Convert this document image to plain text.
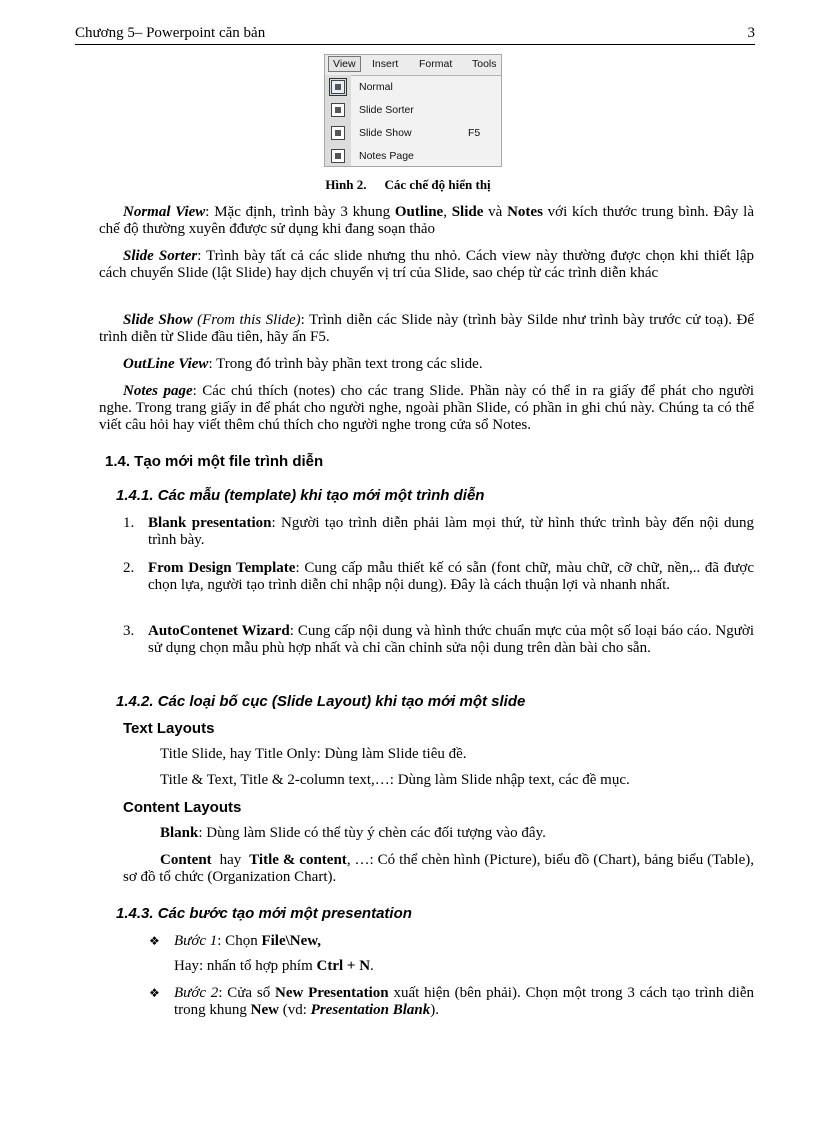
Chương 5– Powerpoint căn bản	3
View	Insert Format Tools
Normal
Slide Sorter
Slide Show	F5
Notes Page
Hình 2. Các chế độ hiển thị
Normal View: Mặc định, trình bày 3 khung Outline, Slide và Notes với kích thước trung bình. Đây là chế độ thường xuyên đđược sử dụng khi đang soạn thảo
Slide Sorter: Trình bày tất cả các slide nhưng thu nhỏ. Cách view này thường được chọn khi thiết lập cách chuyển Slide (lật Slide) hay dịch chuyển vị trí của Slide, sao chép từ các trình diễn khác
Slide Show (From this Slide): Trình diễn các Slide này (trình bày Silde như trình bày trước cử toạ). Để trình diễn từ Slide đầu tiên, hãy ấn F5.
OutLine View: Trong đó trình bày phần text trong các slide.
Notes page: Các chú thích (notes) cho các trang Slide. Phần này có thể in ra giấy để phát cho người nghe. Trong trang giấy in để phát cho người nghe, ngoài phần Slide, có phần in ghi chú này. Chúng ta có thể viết câu hỏi hay viết thêm chú thích cho người nghe trong cửa sổ Notes.
1.4. Tạo mới một file trình diễn
1.4.1. Các mẫu (template) khi tạo mới một trình diễn
1. Blank presentation: Người tạo trình diễn phải làm mọi thứ, từ hình thức trình bày đến nội dung trình bày.
2. From Design Template: Cung cấp mẫu thiết kế có sẵn (font chữ, màu chữ, cỡ chữ, nền,.. đã được chọn lựa, người tạo trình diễn chỉ nhập nội dung). Đây là cách thuận lợi và nhanh nhất.
3. AutoContenet Wizard: Cung cấp nội dung và hình thức chuẩn mực của một số loại báo cáo. Người sử dụng chọn mẫu phù hợp nhất và chỉ cần chỉnh sửa nội dung trên dàn bài cho sẵn.
1.4.2. Các loại bố cục (Slide Layout) khi tạo mới một slide
Text Layouts
Title Slide, hay Title Only: Dùng làm Slide tiêu đề.
Title & Text, Title & 2-column text,…: Dùng làm Slide nhập text, các đề mục.
Content Layouts
Blank: Dùng làm Slide có thể tùy ý chèn các đối tượng vào đây.
Content  hay  Title & content, …: Có thể chèn hình (Picture), biểu đồ (Chart), bảng biểu (Table), sơ đồ tổ chức (Organization Chart).
1.4.3. Các bước tạo mới một presentation
❖ Bước 1: Chọn File\New,
Hay: nhấn tổ hợp phím Ctrl + N.
❖ Bước 2: Cửa sổ New Presentation xuất hiện (bên phải). Chọn một trong 3 cách tạo trình diễn trong khung New (vd: Presentation Blank).
